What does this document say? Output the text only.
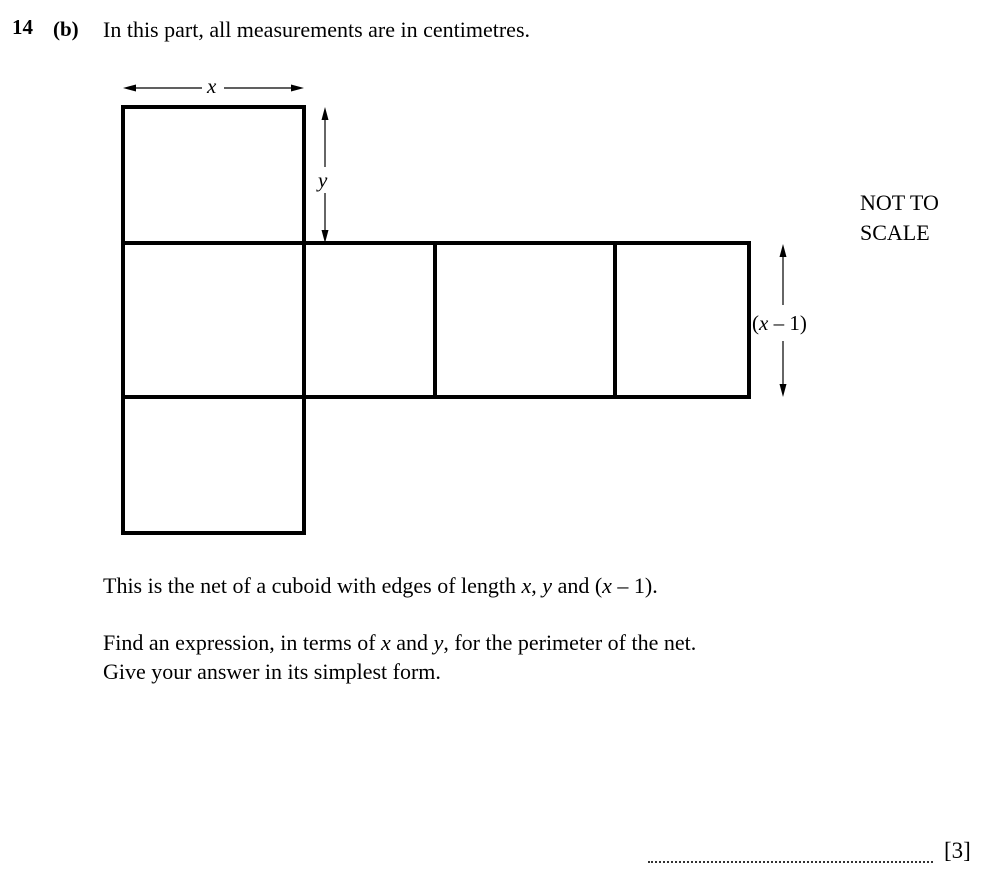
14 (b) In this part, all measurements are in centimetres.
x
y
(x – 1)
NOT TO
SCALE
This is the net of a cuboid with edges of length x, y and (x – 1).
Find an expression, in terms of x and y, for the perimeter of the net.
Give your answer in its simplest form.
[3]
